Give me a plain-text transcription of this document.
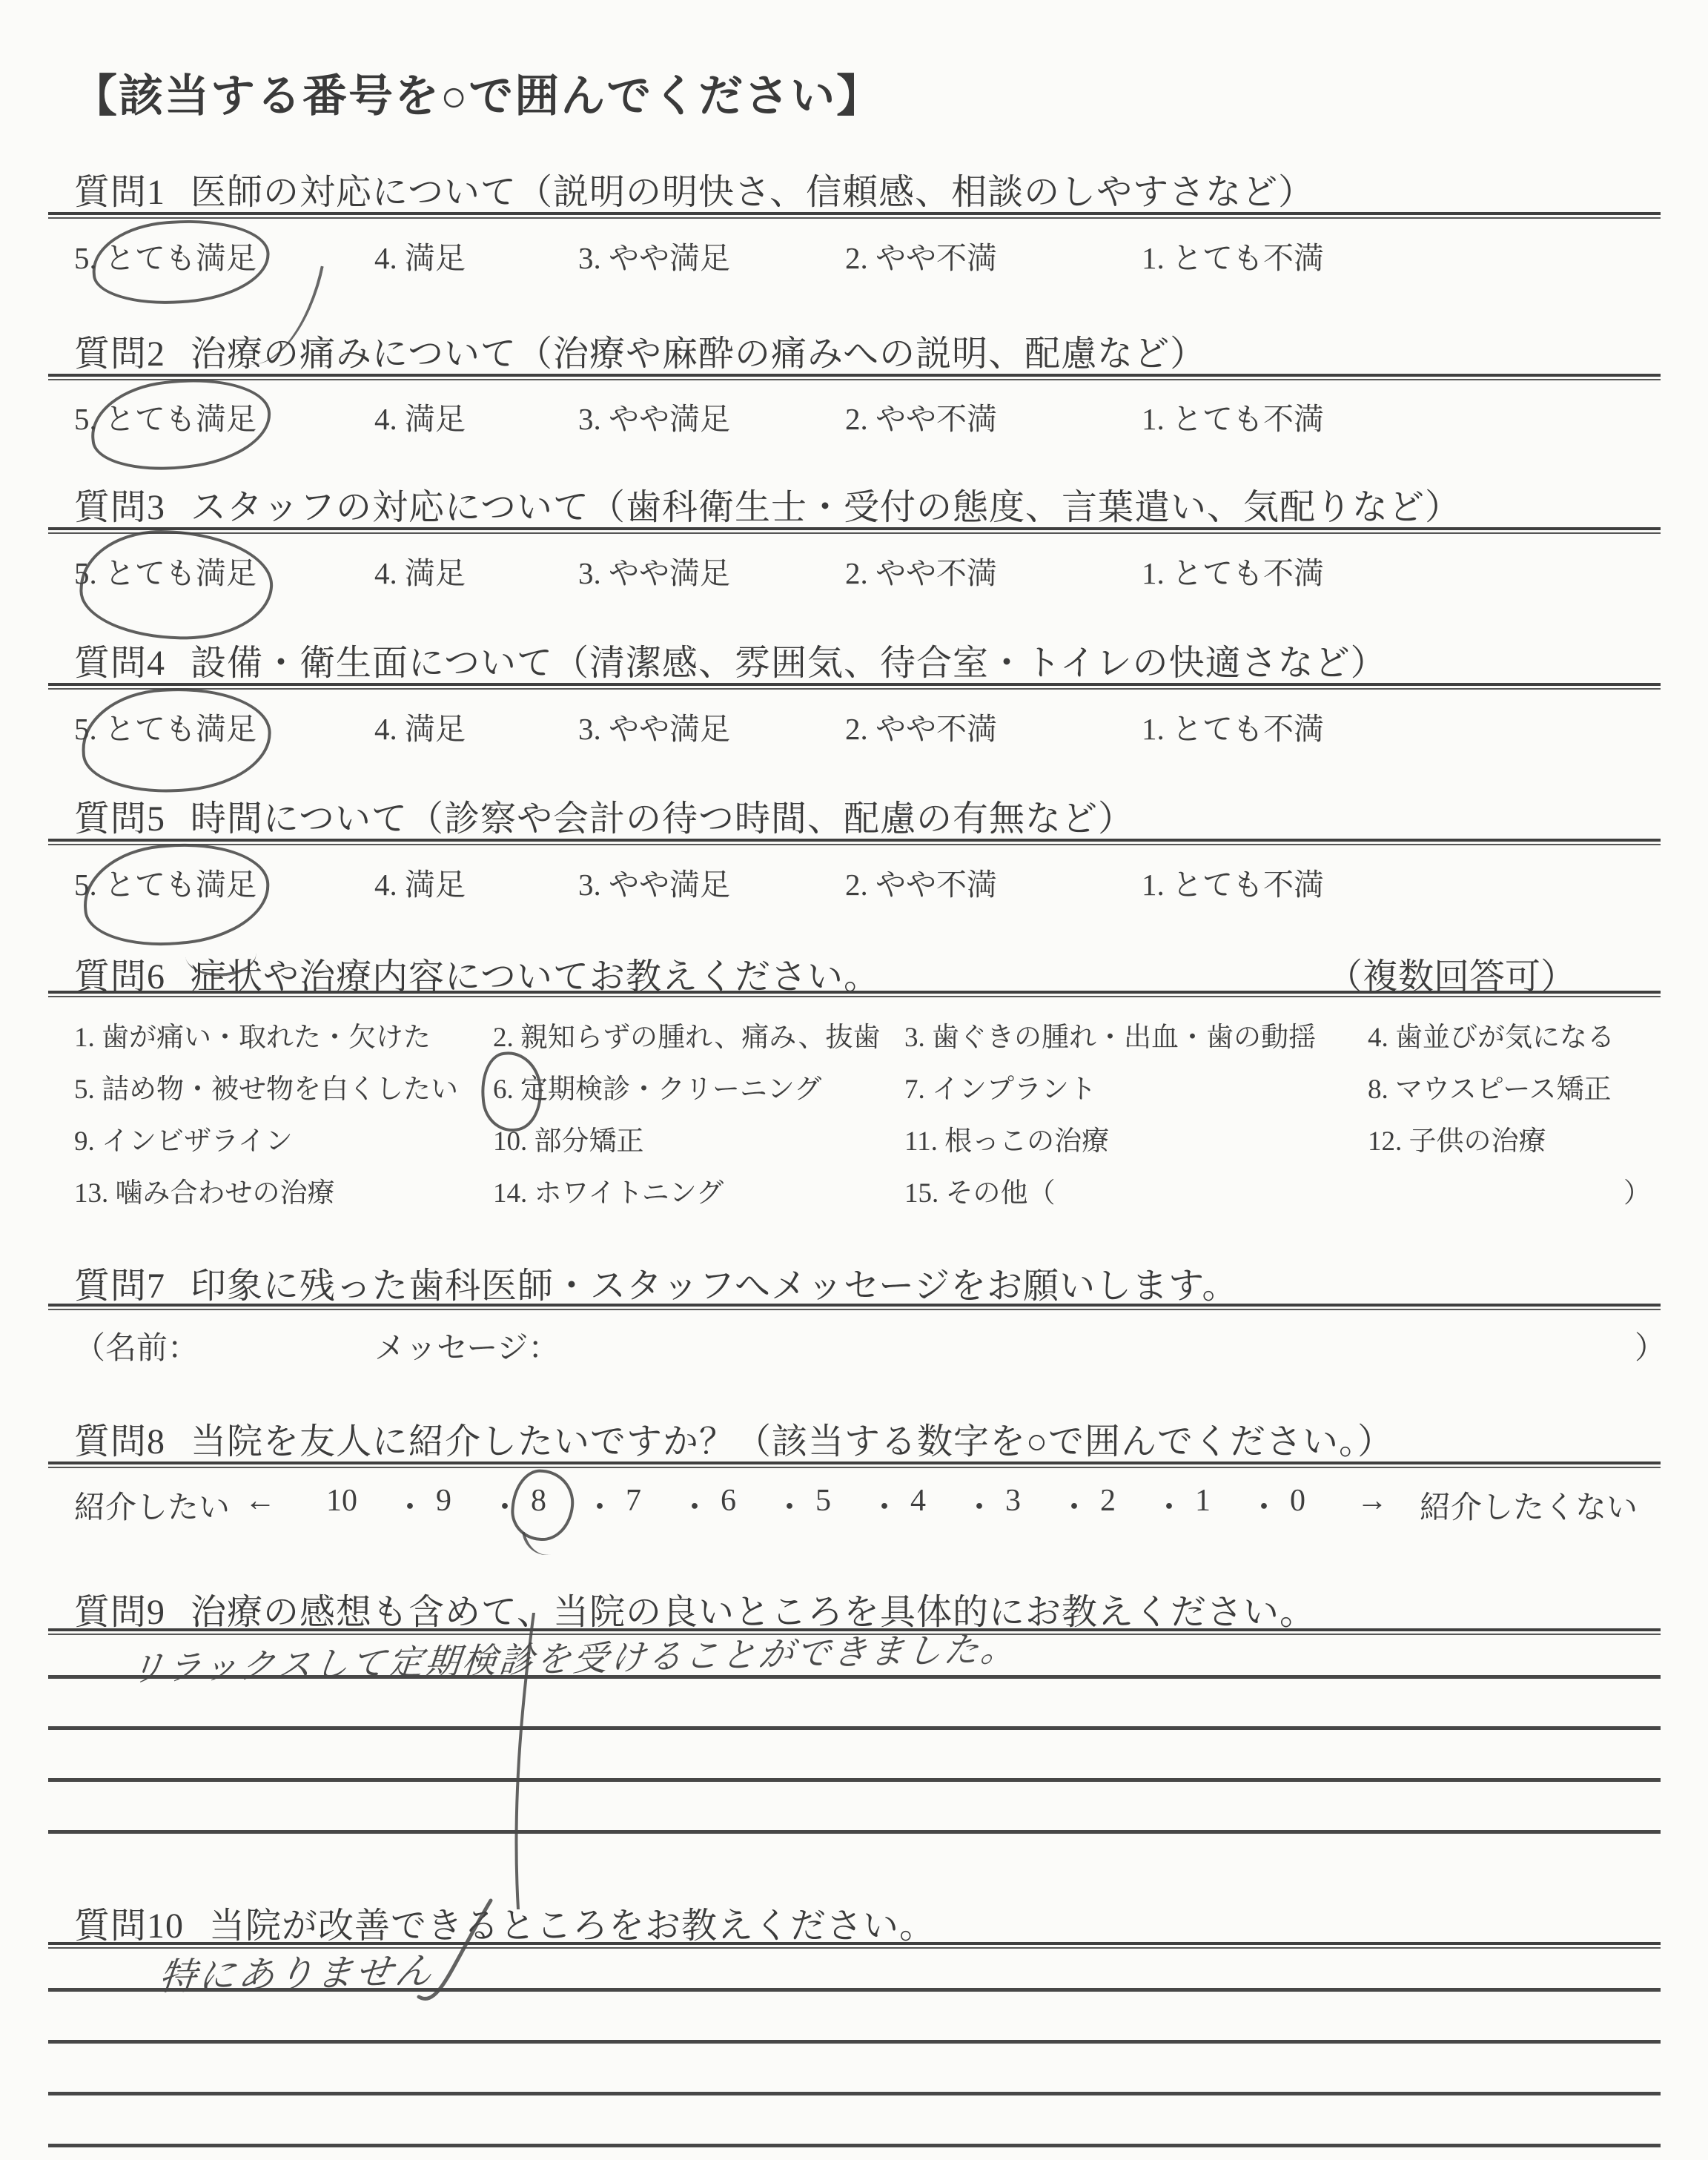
【該当する番号を○で囲んでください】
質問1 医師の対応について（説明の明快さ、信頼感、相談のしやすさなど）
5. とても満足	4. 満足	3. やや満足	2. やや不満	1. とても不満
質問2 治療の痛みについて（治療や麻酔の痛みへの説明、配慮など）
5. とても満足	4. 満足	3. やや満足	2. やや不満	1. とても不満
質問3 スタッフの対応について（歯科衛生士・受付の態度、言葉遣い、気配りなど）
5. とても満足	4. 満足	3. やや満足	2. やや不満	1. とても不満
質問4 設備・衛生面について（清潔感、雰囲気、待合室・トイレの快適さなど）
5. とても満足	4. 満足	3. やや満足	2. やや不満	1. とても不満
質問5 時間について（診察や会計の待つ時間、配慮の有無など）
5. とても満足	4. 満足	3. やや満足	2. やや不満	1. とても不満
質問6 症状や治療内容についてお教えください。	（複数回答可）
1. 歯が痛い・取れた・欠けた 2. 親知らずの腫れ、痛み、抜歯 3. 歯ぐきの腫れ・出血・歯の動揺 4. 歯並びが気になる
5. 詰め物・被せ物を白くしたい 6. 定期検診・クリーニング	7. インプラント	8. マウスピース矯正
9. インビザライン	10. 部分矯正	11. 根っこの治療	12. 子供の治療
13. 噛み合わせの治療	14. ホワイトニング	15. その他（	）
質問7 印象に残った歯科医師・スタッフへメッセージをお願いします。
（名前：	メッセージ：	）
質問8 当院を友人に紹介したいですか？（該当する数字を○で囲んでください。）
紹介したい ← 10 ・ 9 ・ 8 ・ 7 ・ 6 ・ 5 ・ 4 ・ 3 ・ 2 ・ 1 ・ 0 → 紹介したくない
質問9 治療の感想も含めて、当院の良いところを具体的にお教えください。
リラックスして定期検診を受けることができました。
質問10 当院が改善できるところをお教えください。
特にありません
